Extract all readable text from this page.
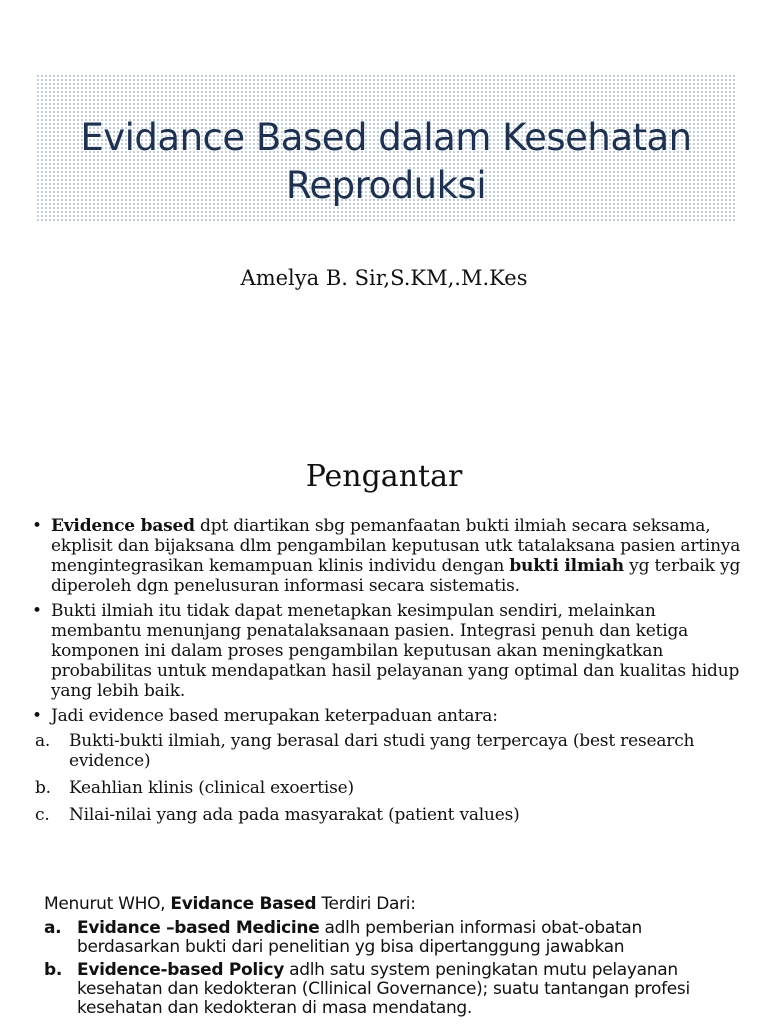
Evidance Based dalam Kesehatan
Reproduksi
Amelya B. Sir,S.KM,.M.Kes
Pengantar
• Evidence based dpt diartikan sbg pemanfaatan bukti ilmiah secara seksama, ekplisit dan bijaksana dlm pengambilan keputusan utk tatalaksana pasien artinya mengintegrasikan kemampuan klinis individu dengan bukti ilmiah yg terbaik yg diperoleh dgn penelusuran informasi secara sistematis.
• Bukti ilmiah itu tidak dapat menetapkan kesimpulan sendiri, melainkan membantu menunjang penatalaksanaan pasien. Integrasi penuh dan ketiga komponen ini dalam proses pengambilan keputusan akan meningkatkan probabilitas untuk mendapatkan hasil pelayanan yang optimal dan kualitas hidup yang lebih baik.
• Jadi evidence based merupakan keterpaduan antara:
a. Bukti-bukti ilmiah, yang berasal dari studi yang terpercaya (best research evidence)
b. Keahlian klinis (clinical exoertise)
c. Nilai-nilai yang ada pada masyarakat (patient values)
Menurut WHO, Evidance Based Terdiri Dari:
a. Evidance –based Medicine adlh pemberian informasi obat-obatan berdasarkan bukti dari penelitian yg bisa dipertanggung jawabkan
b. Evidence-based Policy adlh satu system peningkatan mutu pelayanan kesehatan dan kedokteran (Cllinical Governance); suatu tantangan profesi kesehatan dan kedokteran di masa mendatang.
